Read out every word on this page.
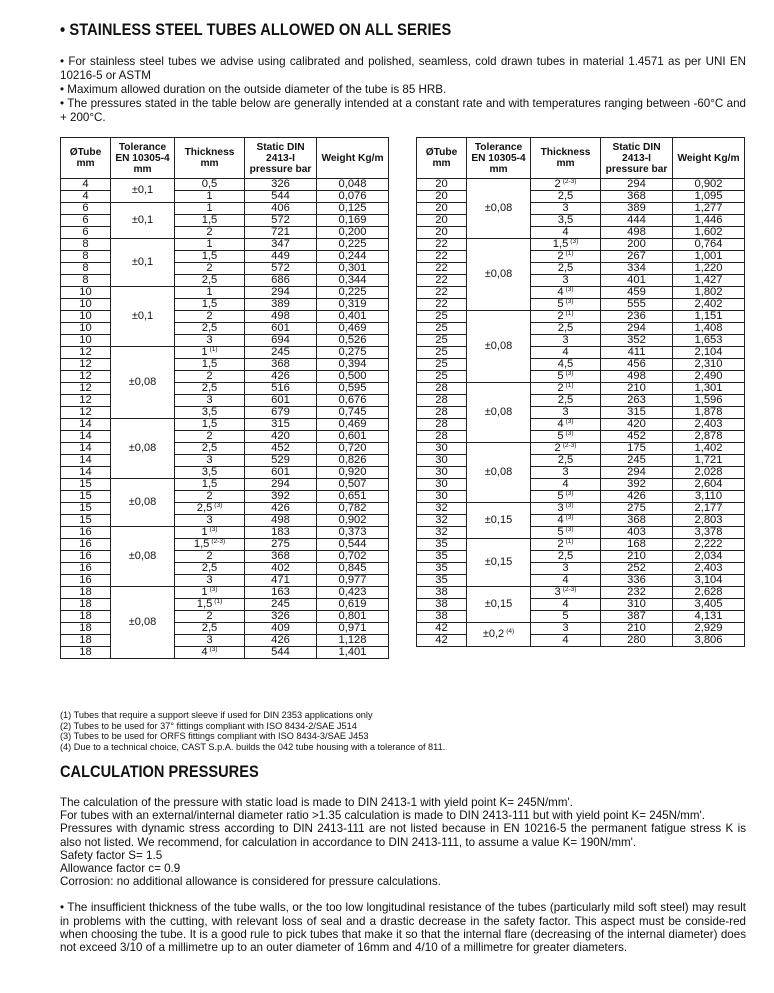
• STAINLESS STEEL TUBES ALLOWED ON ALL SERIES

• For stainless steel tubes we advise using calibrated and polished, seamless, cold drawn tubes in material 1.4571 as per UNI EN 10216-5 or ASTM

• Maximum allowed duration on the outside diameter of the tube is 85 HRB.

• The pressures stated in the table below are generally intended at a constant rate and with temperatures ranging between -60°C and + 200°C.

ØTube mm	Tolerance EN 10305-4 mm	Thickness mm	Static DIN 2413-I pressure bar	Weight Kg/m
4	±0,1	0,5	326	0,048
4		1	544	0,076
6	±0,1	1	406	0,125
6		1,5	572	0,169
6		2	721	0,200
8	±0,1	1	347	0,225
8		1,5	449	0,244
8		2	572	0,301
8		2,5	686	0,344
10	±0,1	1	294	0,225
10		1,5	389	0,319
10		2	498	0,401
10		2,5	601	0,469
10		3	694	0,526
12	±0,08	1 $^{(1)}$	245	0,275
12		1,5	368	0,394
12		2	426	0,500
12		2,5	516	0,595
12		3	601	0,676
12		3,5	679	0,745
14	±0,08	1,5	315	0,469
14		2	420	0,601
14		2,5	452	0,720
14		3	529	0,826
14		3,5	601	0,920
15	±0,08	1,5	294	0,507
15		2	392	0,651
15		2,5 $^{(3)}$	426	0,782
15		3	498	0,902
16	±0,08	1 $^{(3)}$	183	0,373
16		1,5 $^{(2-3)}$	275	0,544
16		2	368	0,702
16		2,5	402	0,845
16		3	471	0,977
18	±0,08	1 $^{(3)}$	163	0,423
18		1,5 $^{(1)}$	245	0,619
18		2	326	0,801
18		2,5	409	0,971
18		3	426	1,128
18		4 $^{(3)}$	544	1,401
ØTube mm	Tolerance EN 10305-4 mm	Thickness mm	Static DIN 2413-I pressure bar	Weight Kg/m
20	±0,08	2 $^{(2-3)}$	294	0,902
20		2,5	368	1,095
20		3	389	1,277
20		3,5	444	1,446
20		4	498	1,602
22	±0,08	1,5 $^{(3)}$	200	0,764
22		2 $^{(1)}$	267	1,001
22		2,5	334	1,220
22		3	401	1,427
22		4 $^{(3)}$	459	1,802
22		5 $^{(3)}$	555	2,402
25	±0,08	2 $^{(1)}$	236	1,151
25		2,5	294	1,408
25		3	352	1,653
25		4	411	2,104
25		4,5	456	2,310
25		5 $^{(3)}$	498	2,490
28	±0,08	2 $^{(1)}$	210	1,301
28		2,5	263	1,596
28		3	315	1,878
28		4 $^{(3)}$	420	2,403
28		5 $^{(3)}$	452	2,878
30	±0,08	2 $^{(2-3)}$	175	1,402
30		2,5	245	1,721
30		3	294	2,028
30		4	392	2,604
30		5 $^{(3)}$	426	3,110
32	±0,15	3 $^{(3)}$	275	2,177
32		4 $^{(3)}$	368	2,803
32		5 $^{(3)}$	403	3,378
35	±0,15	2 $^{(1)}$	168	2,222
35		2,5	210	2,034
35		3	252	2,403
35		4	336	3,104
38	±0,15	3 $^{(2-3)}$	232	2,628
38		4	310	3,405
38		5	387	4,131
42	±0,2 $^{(4)}$	3	210	2,929
42		4	280	3,806
(1) Tubes that require a support sleeve if used for DIN 2353 applications only
(2) Tubes to be used for 37° fittings compliant with ISO 8434-2/SAE J514
(3) Tubes to be used for ORFS fittings compliant with ISO 8434-3/SAE J453
(4) Due to a technical choice, CAST S.p.A. builds the 042 tube housing with a tolerance of 811.
CALCULATION PRESSURES

The calculation of the pressure with static load is made to DIN 2413-1 with yield point K= 245N/mm'.

For tubes with an external/internal diameter ratio >1.35 calculation is made to DIN 2413-111 but with yield point K= 245N/mm'.

Pressures with dynamic stress according to DIN 2413-111 are not listed because in EN 10216-5 the permanent fatigue stress K is also not listed. We recommend, for calculation in accordance to DIN 2413-111, to assume a value K= 190N/mm'.

Safety factor S= 1.5

Allowance factor c= 0.9

Corrosion: no additional allowance is considered for pressure calculations.

• The insufficient thickness of the tube walls, or the too low longitudinal resistance of the tubes (particularly mild soft steel) may result in problems with the cutting, with relevant loss of seal and a drastic decrease in the safety factor. This aspect must be conside-red when choosing the tube. It is a good rule to pick tubes that make it so that the internal flare (decreasing of the internal diameter) does not exceed 3/10 of a millimetre up to an outer diameter of 16mm and 4/10 of a millimetre for greater diameters.
